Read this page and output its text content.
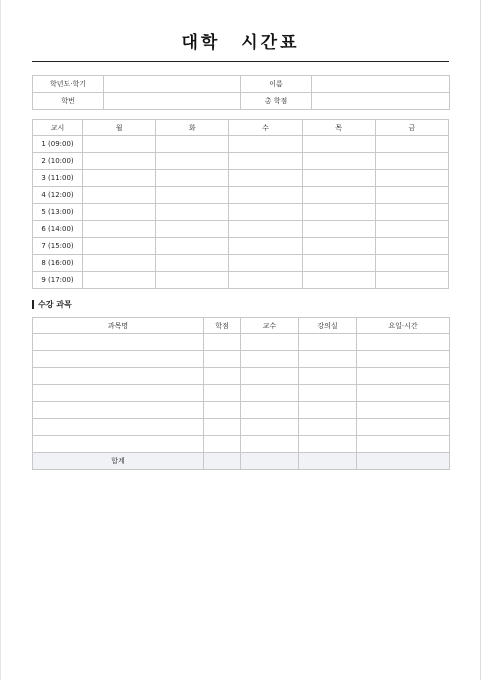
대학 시간표
학년도·학기		이름	
학번		총 학점	
교시	월	화	수	목	금
1 (09:00)					
2 (10:00)					
3 (11:00)					
4 (12:00)					
5 (13:00)					
6 (14:00)					
7 (15:00)					
8 (16:00)					
9 (17:00)					
수강 과목
과목명	학점	교수	강의실	요일·시간

합계				
